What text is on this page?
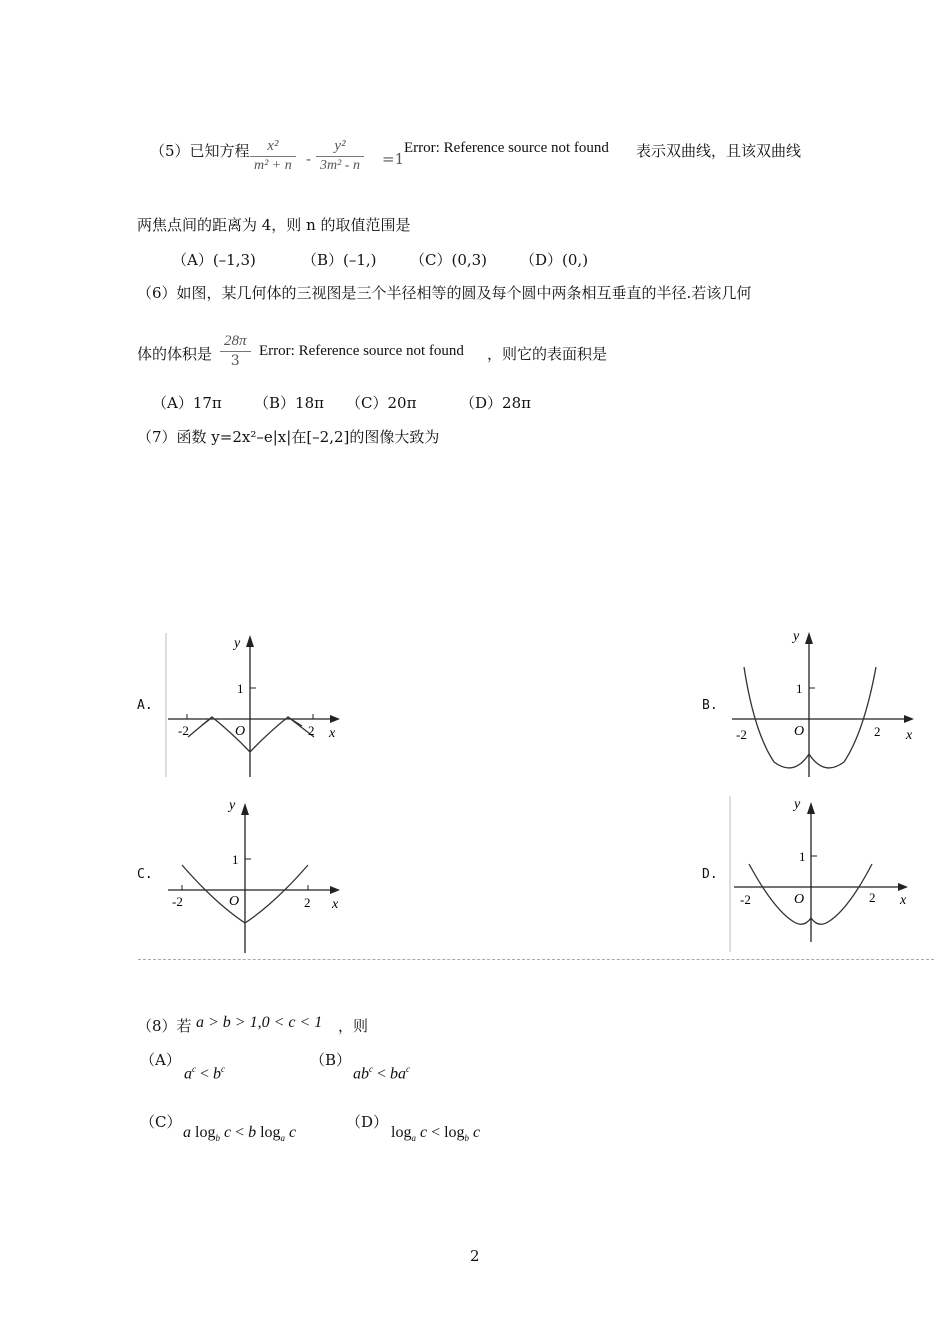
（5）已知方程	x²
m² + n -
y²
3m² - n =1
Error: Reference source not found 表示双曲线，且该双曲线
两焦点间的距离为 4，则 n 的取值范围是
（A）(–1,3)	（B）(–1,) （C）(0,3) （D）(0,)
（6）如图，某几何体的三视图是三个半径相等的圆及每个圆中两条相互垂直的半径.若该几何
体的体积是
28π
3
Error: Reference source not found ，则它的表面积是
（A）17π （B）18π （C）20π	（D）28π
（7）函数 y=2x²–e|x|在[–2,2]的图像大致为
A.
y
1
-2	O	2 x
B.
y
1
-2	O	2 x
C.
y
1
-2	O	2 x
D.
y
1
-2	O	2 x
（8）若 a > b > 1,0 < c < 1 ，则
（A）
$a^c < b^c$	（B）
$ab^c < ba^c$
（C）
a $\log_b c < b$ $\log_a c$
（D）
$\log_a c < \log_b c$
2
